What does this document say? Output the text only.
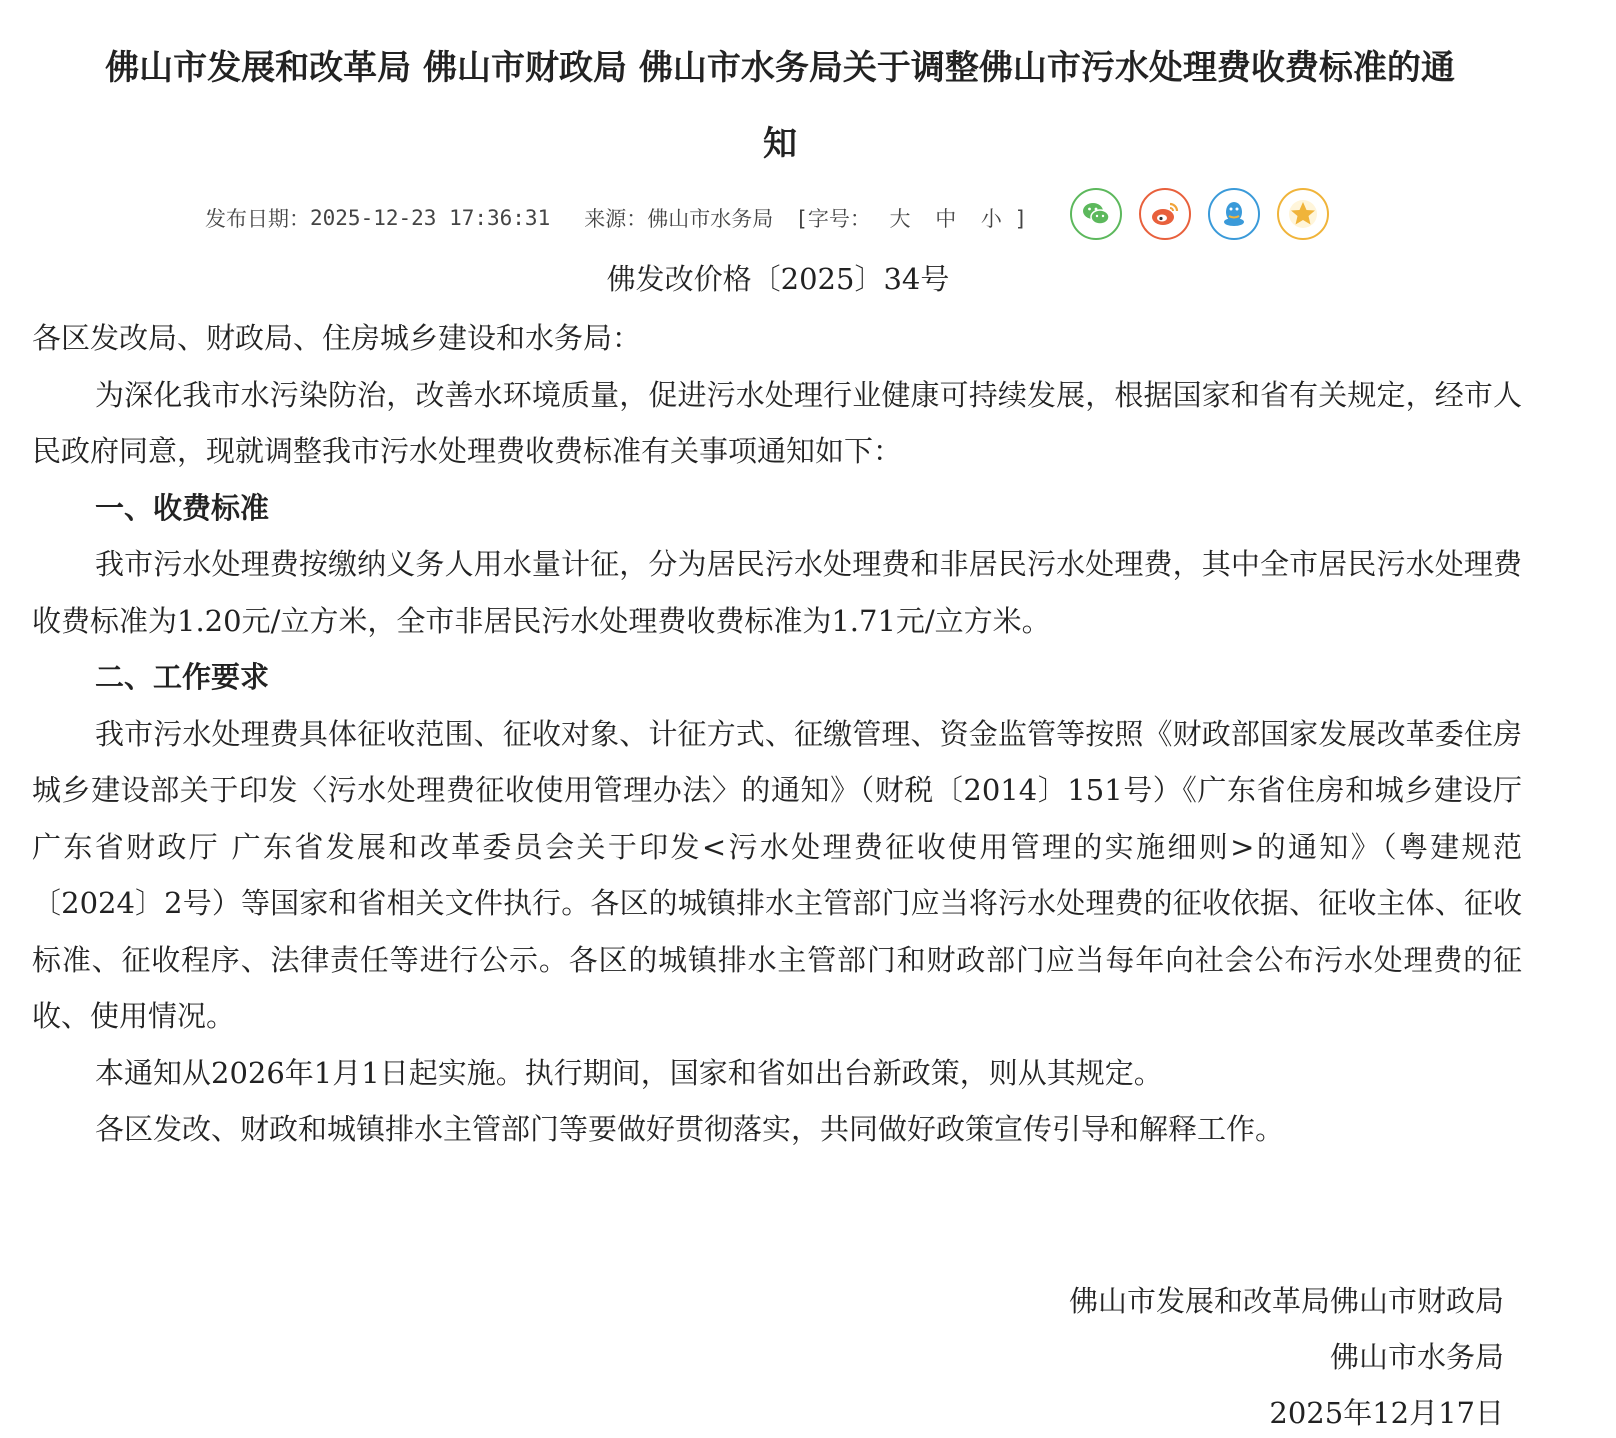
佛山市发展和改革局 佛山市财政局 佛山市水务局关于调整佛山市污水处理费收费标准的通
知
发布日期： 2025-12-23 17:36:31 来源： 佛山市水务局 [字号： 大 中 小 ]
佛发改价格〔2025〕34号

各区发改局、财政局、住房城乡建设和水务局：

为深化我市水污染防治，改善水环境质量，促进污水处理行业健康可持续发展，根据国家和省有关规定，经市人民政府同意，现就调整我市污水处理费收费标准有关事项通知如下：

一、收费标准

我市污水处理费按缴纳义务人用水量计征，分为居民污水处理费和非居民污水处理费，其中全市居民污水处理费收费标准为1.20元/立方米，全市非居民污水处理费收费标准为1.71元/立方米。

二、工作要求

我市污水处理费具体征收范围、征收对象、计征方式、征缴管理、资金监管等按照《财政部国家发展改革委住房城乡建设部关于印发〈污水处理费征收使用管理办法〉的通知》（财税〔2014〕151号）《广东省住房和城乡建设厅 广东省财政厅 广东省发展和改革委员会关于印发<污水处理费征收使用管理的实施细则>的通知》（粤建规范〔2024〕2号）等国家和省相关文件执行。各区的城镇排水主管部门应当将污水处理费的征收依据、征收主体、征收标准、征收程序、法律责任等进行公示。各区的城镇排水主管部门和财政部门应当每年向社会公布污水处理费的征收、使用情况。

本通知从2026年1月1日起实施。执行期间，国家和省如出台新政策，则从其规定。

各区发改、财政和城镇排水主管部门等要做好贯彻落实，共同做好政策宣传引导和解释工作。

佛山市发展和改革局佛山市财政局
佛山市水务局
2025年12月17日
